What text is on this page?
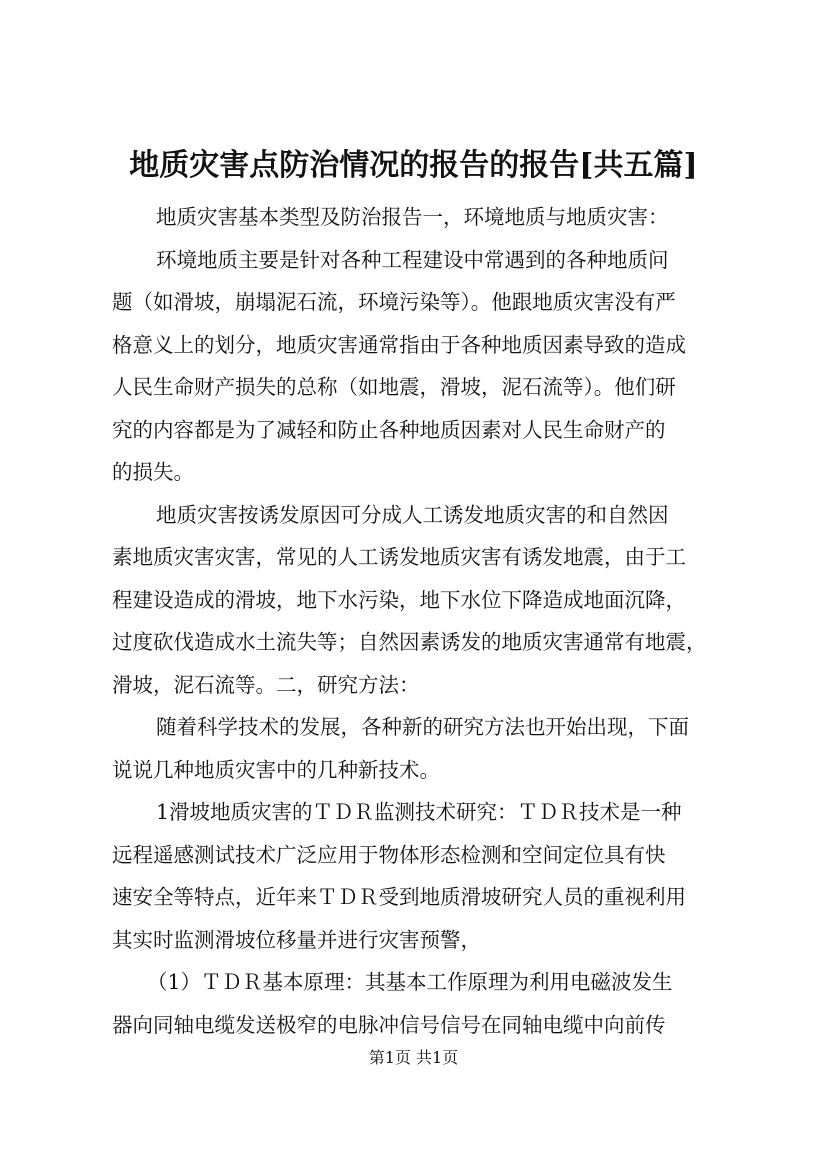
地质灾害点防治情况的报告的报告[共五篇]
地质灾害基本类型及防治报告一，环境地质与地质灾害：
环境地质主要是针对各种工程建设中常遇到的各种地质问
题（如滑坡，崩塌泥石流，环境污染等）。他跟地质灾害没有严
格意义上的划分，地质灾害通常指由于各种地质因素导致的造成
人民生命财产损失的总称（如地震，滑坡，泥石流等）。他们研
究的内容都是为了减轻和防止各种地质因素对人民生命财产的
的损失。
地质灾害按诱发原因可分成人工诱发地质灾害的和自然因
素地质灾害灾害，常见的人工诱发地质灾害有诱发地震，由于工
程建设造成的滑坡，地下水污染，地下水位下降造成地面沉降，
过度砍伐造成水土流失等；自然因素诱发的地质灾害通常有地震，
滑坡，泥石流等。二，研究方法：
随着科学技术的发展，各种新的研究方法也开始出现，下面
说说几种地质灾害中的几种新技术。
1滑坡地质灾害的ＴＤＲ监测技术研究：ＴＤＲ技术是一种
远程遥感测试技术广泛应用于物体形态检测和空间定位具有快
速安全等特点，近年来ＴＤＲ受到地质滑坡研究人员的重视利用
其实时监测滑坡位移量并进行灾害预警，
（1）ＴＤＲ基本原理：其基本工作原理为利用电磁波发生
器向同轴电缆发送极窄的电脉冲信号信号在同轴电缆中向前传
第1页 共1页
